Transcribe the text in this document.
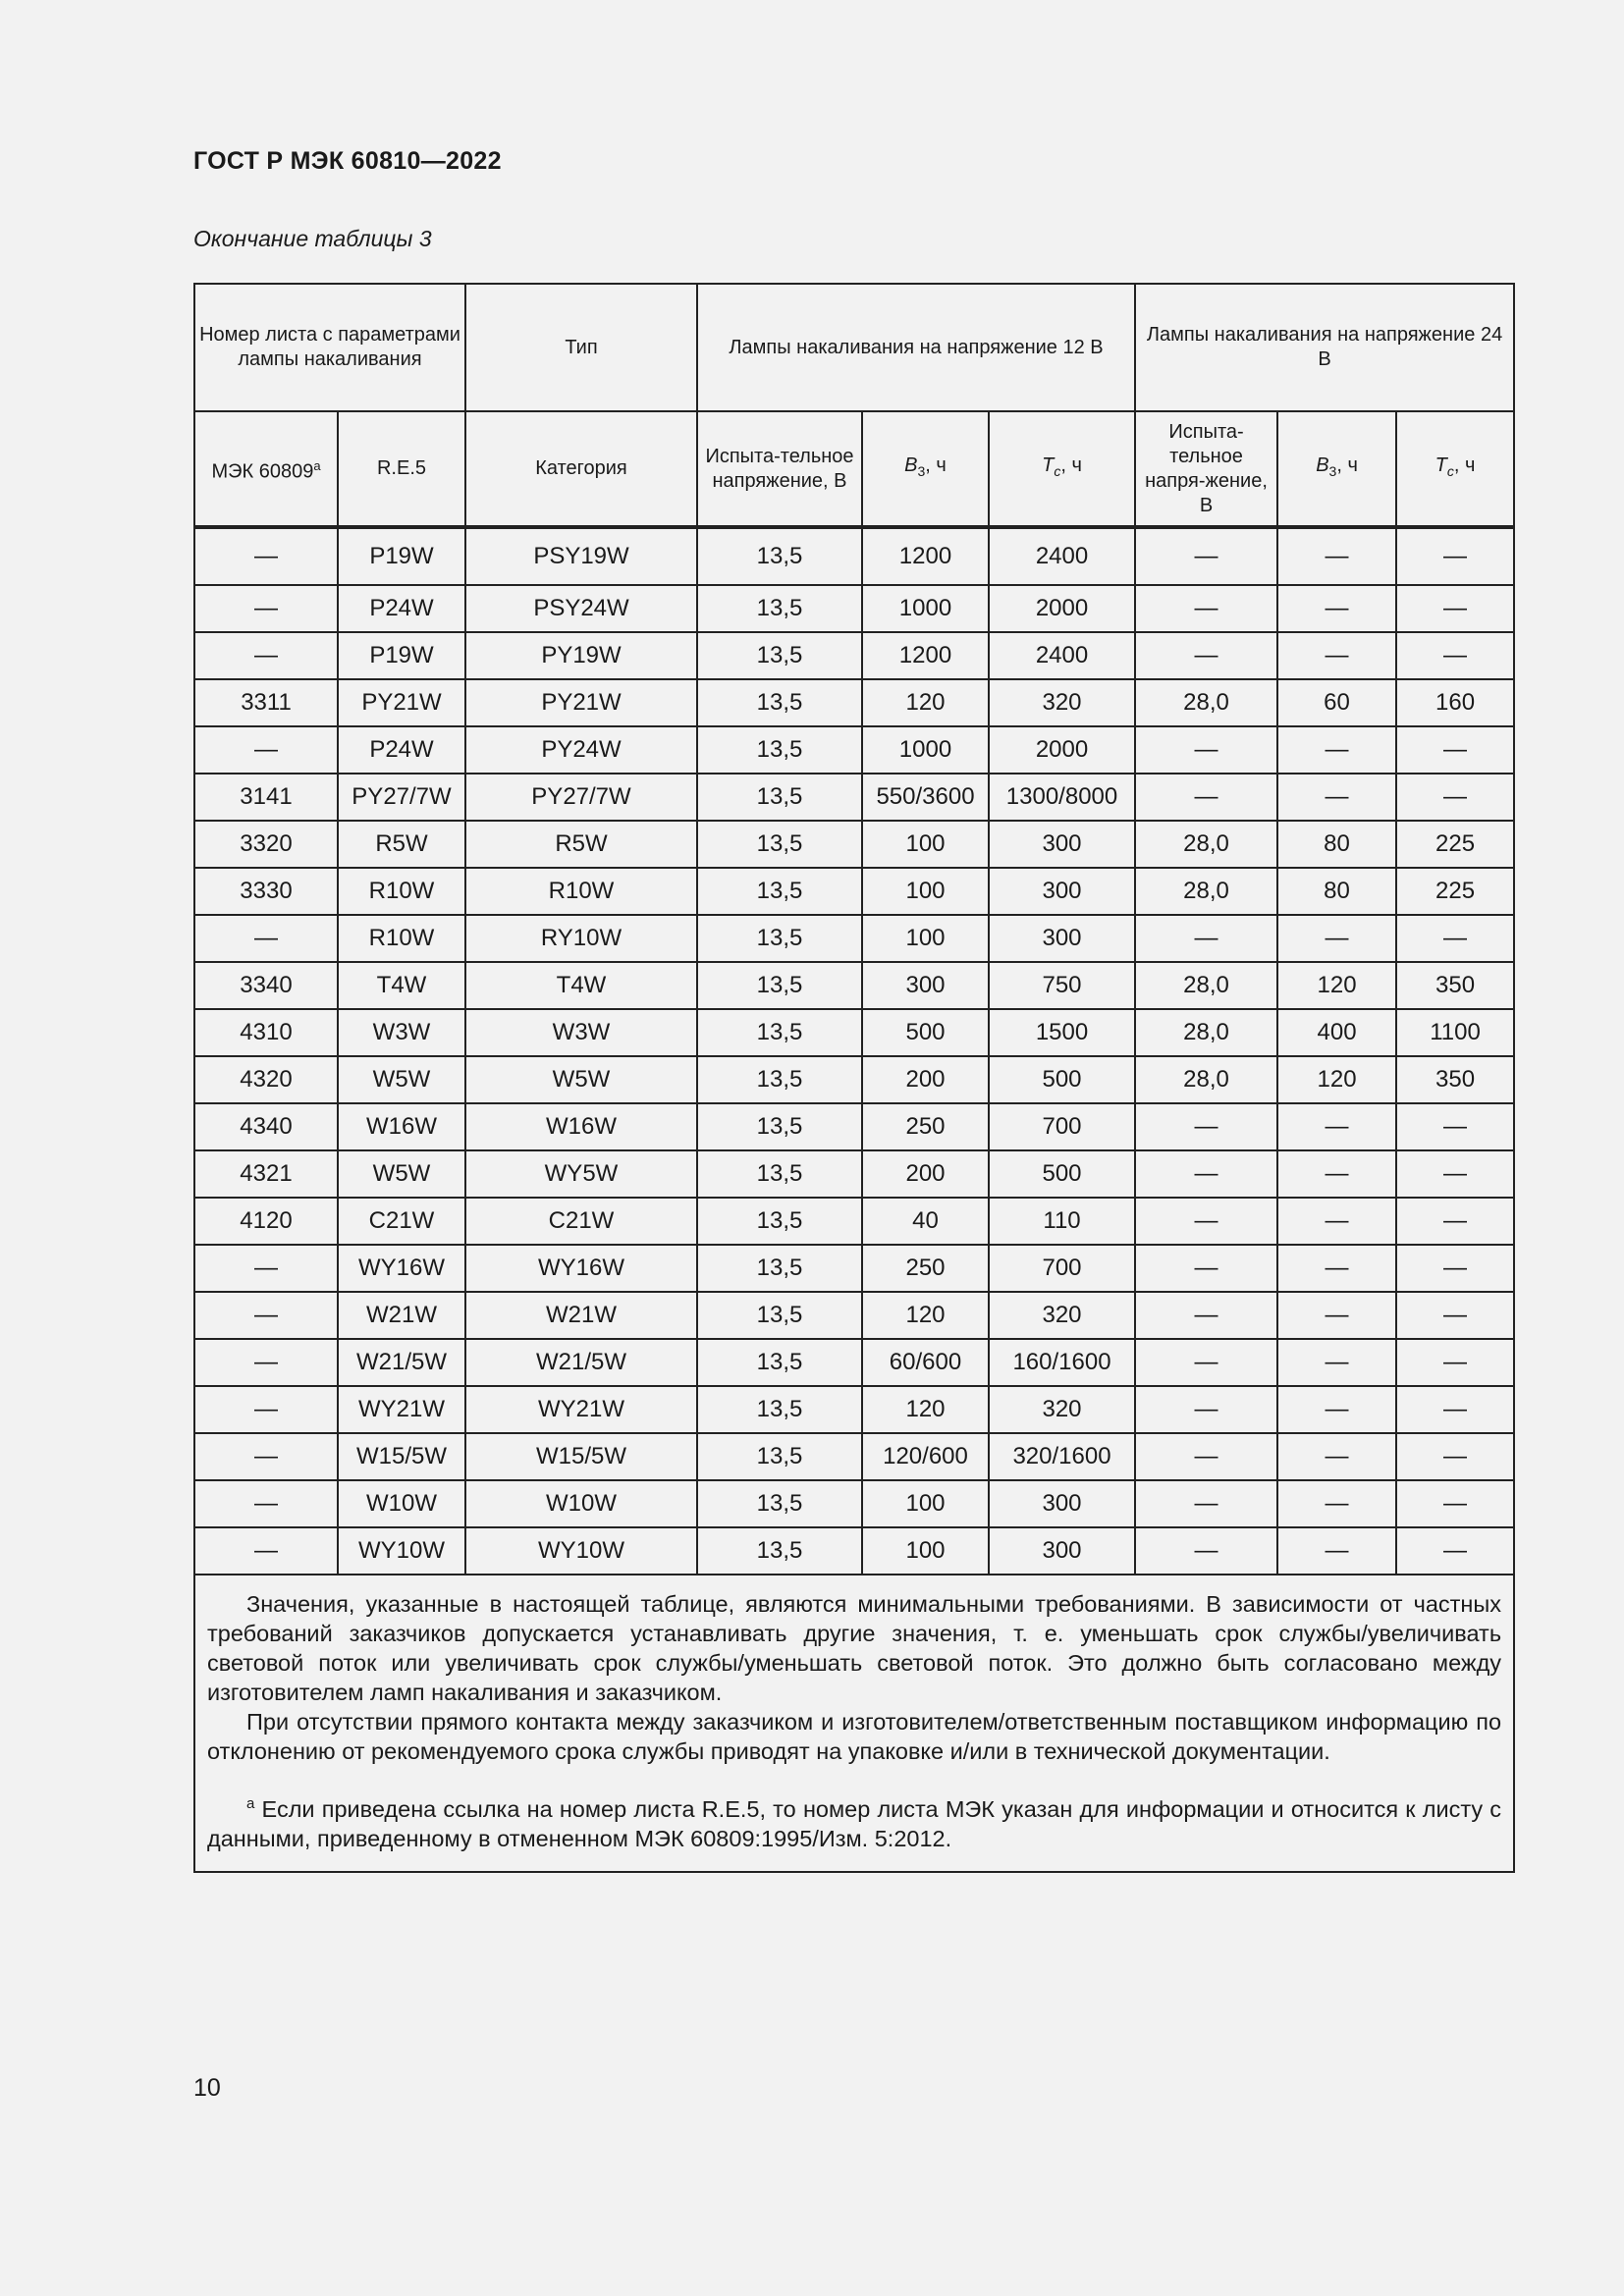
ГОСТ Р МЭК 60810—2022
Окончание таблицы 3
Номер листа с параметрами лампы накаливания		Тип	Лампы накаливания на напряжение 12 В			Лампы накаливания на напряжение 24 В		
МЭК 60809$^a$	R.E.5	Категория	Испыта-тельное напряжение, В	$B_3$, ч	$T_c$, ч	Испыта-тельное напря-жение, В	$B_3$, ч	$T_c$, ч
—	P19W	PSY19W	13,5	1200	2400	—	—	—
—	P24W	PSY24W	13,5	1000	2000	—	—	—
—	P19W	PY19W	13,5	1200	2400	—	—	—
3311	PY21W	PY21W	13,5	120	320	28,0	60	160
—	P24W	PY24W	13,5	1000	2000	—	—	—
3141	PY27/7W	PY27/7W	13,5	550/3600	1300/8000	—	—	—
3320	R5W	R5W	13,5	100	300	28,0	80	225
3330	R10W	R10W	13,5	100	300	28,0	80	225
—	R10W	RY10W	13,5	100	300	—	—	—
3340	T4W	T4W	13,5	300	750	28,0	120	350
4310	W3W	W3W	13,5	500	1500	28,0	400	1100
4320	W5W	W5W	13,5	200	500	28,0	120	350
4340	W16W	W16W	13,5	250	700	—	—	—
4321	W5W	WY5W	13,5	200	500	—	—	—
4120	C21W	C21W	13,5	40	110	—	—	—
—	WY16W	WY16W	13,5	250	700	—	—	—
—	W21W	W21W	13,5	120	320	—	—	—
—	W21/5W	W21/5W	13,5	60/600	160/1600	—	—	—
—	WY21W	WY21W	13,5	120	320	—	—	—
—	W15/5W	W15/5W	13,5	120/600	320/1600	—	—	—
—	W10W	W10W	13,5	100	300	—	—	—
—	WY10W	WY10W	13,5	100	300	—	—	—

Значения, указанные в настоящей таблице, являются минимальными требованиями. В зависимости от частных требований заказчиков допускается устанавливать другие значения, т. е. уменьшать срок службы/увеличивать световой поток или увеличивать срок службы/уменьшать световой поток. Это должно быть согласовано между изготовителем ламп накаливания и заказчиком.

При отсутствии прямого контакта между заказчиком и изготовителем/ответственным поставщиком информацию по отклонению от рекомендуемого срока службы приводят на упаковке и/или в технической документации.

$^a$ Если приведена ссылка на номер листа R.E.5, то номер листа МЭК указан для информации и относится к листу с данными, приведенному в отмененном МЭК 60809:1995/Изм. 5:2012.								

10
